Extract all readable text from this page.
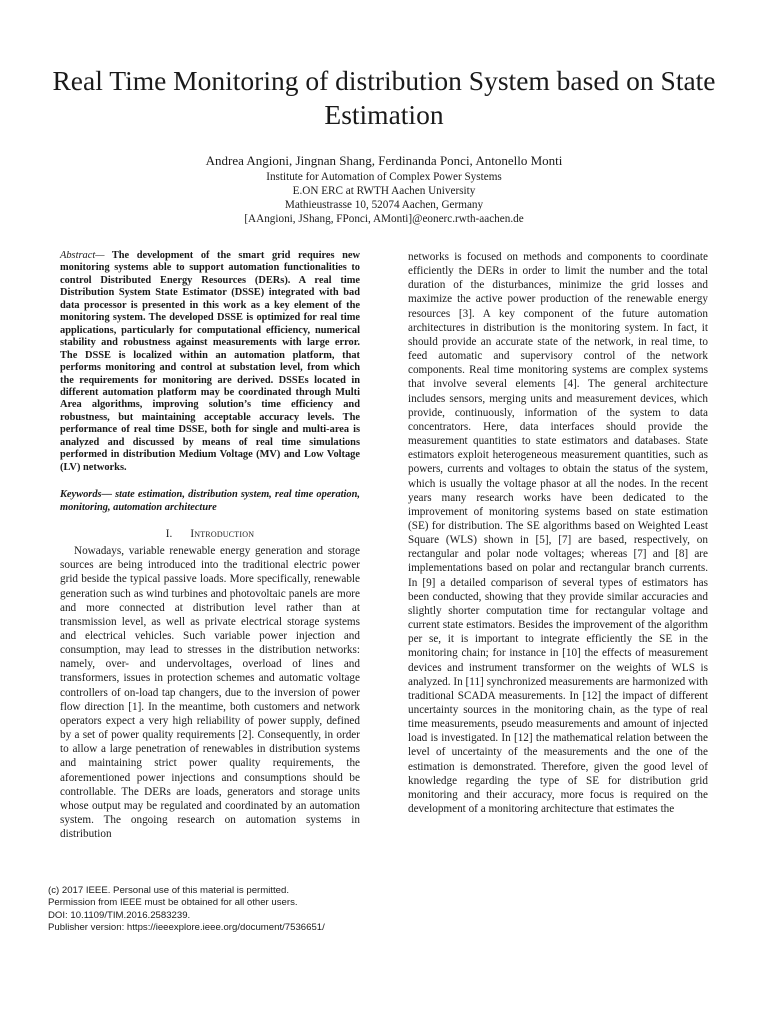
Real Time Monitoring of distribution System based on State Estimation
Andrea Angioni, Jingnan Shang, Ferdinanda Ponci, Antonello Monti
Institute for Automation of Complex Power Systems
E.ON ERC at RWTH Aachen University
Mathieustrasse 10, 52074 Aachen, Germany
[AAngioni, JShang, FPonci, AMonti]@eonerc.rwth-aachen.de

Abstract— The development of the smart grid requires new monitoring systems able to support automation functionalities to control Distributed Energy Resources (DERs). A real time Distribution System State Estimator (DSSE) integrated with bad data processor is presented in this work as a key element of the monitoring system. The developed DSSE is optimized for real time applications, particularly for computational efficiency, numerical stability and robustness against measurements with large error. The DSSE is localized within an automation platform, that performs monitoring and control at substation level, from which the requirements for monitoring are derived. DSSEs located in different automation platform may be coordinated through Multi Area algorithms, improving solution’s time efficiency and robustness, but maintaining acceptable accuracy levels. The performance of real time DSSE, both for single and multi-area is analyzed and discussed by means of real time simulations performed in distribution Medium Voltage (MV) and Low Voltage (LV) networks.

Keywords— state estimation, distribution system, real time operation, monitoring, automation architecture

I. Introduction

Nowadays, variable renewable energy generation and storage sources are being introduced into the traditional electric power grid beside the typical passive loads. More specifically, renewable generation such as wind turbines and photovoltaic panels are more and more connected at distribution level rather than at transmission level, as well as private electrical storage systems and electrical vehicles. Such variable power injection and consumption, may lead to stresses in the distribution networks: namely, over- and undervoltages, overload of lines and transformers, issues in protection schemes and automatic voltage controllers of on-load tap changers, due to the inversion of power flow direction [1]. In the meantime, both customers and network operators expect a very high reliability of power supply, defined by a set of power quality requirements [2]. Consequently, in order to allow a large penetration of renewables in distribution systems and maintaining strict power quality requirements, the aforementioned power injections and consumptions should be controllable. The DERs are loads, generators and storage units whose output may be regulated and coordinated by an automation system. The ongoing research on automation systems in distribution

networks is focused on methods and components to coordinate efficiently the DERs in order to limit the number and the total duration of the disturbances, minimize the grid losses and maximize the active power production of the renewable energy resources [3]. A key component of the future automation architectures in distribution is the monitoring system. In fact, it should provide an accurate state of the network, in real time, to feed automatic and supervisory control of the network components. Real time monitoring systems are complex systems that involve several elements [4]. The general architecture includes sensors, merging units and measurement devices, which provide, continuously, information of the system to data concentrators. Here, data interfaces should provide the measurement quantities to state estimators and databases. State estimators exploit heterogeneous measurement quantities, such as powers, currents and voltages to obtain the status of the system, which is usually the voltage phasor at all the nodes. In the recent years many research works have been dedicated to the improvement of monitoring systems based on state estimation (SE) for distribution. The SE algorithms based on Weighted Least Square (WLS) shown in [5], [7] are based, respectively, on rectangular and polar node voltages; whereas [7] and [8] are implementations based on polar and rectangular branch currents. In [9] a detailed comparison of several types of estimators has been conducted, showing that they provide similar accuracies and slightly shorter computation time for rectangular voltage and current state estimators. Besides the improvement of the algorithm per se, it is important to integrate efficiently the SE in the monitoring chain; for instance in [10] the effects of measurement devices and instrument transformer on the weights of WLS is analyzed. In [11] synchronized measurements are harmonized with traditional SCADA measurements. In [12] the impact of different uncertainty sources in the monitoring chain, as the type of real time measurements, pseudo measurements and amount of injected load is investigated. In [12] the mathematical relation between the level of uncertainty of the measurements and the one of the estimation is demonstrated. Therefore, given the good level of knowledge regarding the type of SE for distribution grid monitoring and their accuracy, more focus is required on the development of a monitoring architecture that estimates the

(c) 2017 IEEE. Personal use of this material is permitted.
Permission from IEEE must be obtained for all other users.
DOI: 10.1109/TIM.2016.2583239.
Publisher version: https://ieeexplore.ieee.org/document/7536651/
